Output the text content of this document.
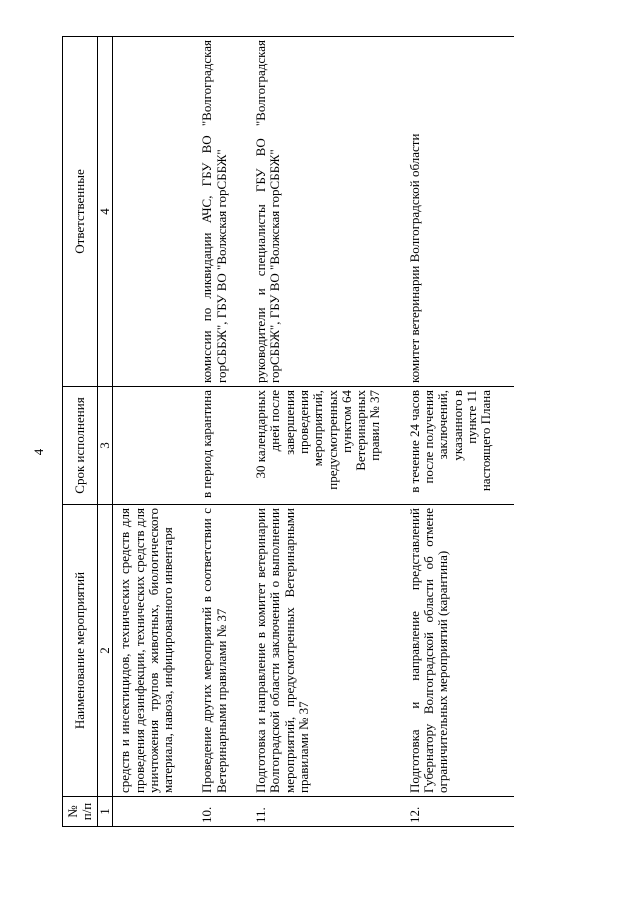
4
№ п/п	Наименование мероприятий	Срок исполнения	Ответственные
1	2	3	4
	средств и инсектицидов, технических средств для проведения дезинфекции, технических средств для уничтожения трупов животных, биологического материала, навоза, инфицированного инвентаря		
10.	Проведение других мероприятий в соответствии с Ветеринарными правилами № 37	в период карантина	комиссии по ликвидации АЧС, ГБУ ВО "Волгоградская горСББЖ", ГБУ ВО "Волжская горСББЖ"
11.	Подготовка и направление в комитет ветеринарии Волгоградской области заключений о выполнении мероприятий, предусмотренных Ветеринарными правилами № 37	30 календарных дней после завершения проведения мероприятий, предусмотренных пунктом 64 Ветеринарных правил № 37	руководители и специалисты ГБУ ВО "Волгоградская горСББЖ", ГБУ ВО "Волжская горСББЖ"
12.	Подготовка и направление представлений Губернатору Волгоградской области об отмене ограничительных мероприятий (карантина)	в течение 24 часов после получения заключений, указанного в пункте 11 настоящего Плана	комитет ветеринарии Волгоградской области
